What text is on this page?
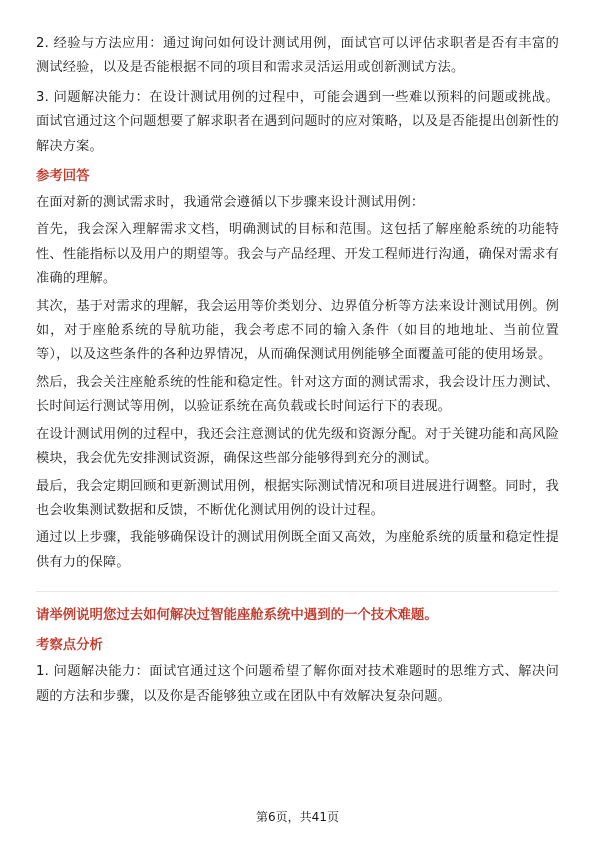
2. 经验与方法应用：通过询问如何设计测试用例，面试官可以评估求职者是否有丰富的测试经验，以及是否能根据不同的项目和需求灵活运用或创新测试方法。

3. 问题解决能力：在设计测试用例的过程中，可能会遇到一些难以预料的问题或挑战。面试官通过这个问题想要了解求职者在遇到问题时的应对策略，以及是否能提出创新性的解决方案。

参考回答

在面对新的测试需求时，我通常会遵循以下步骤来设计测试用例：

首先，我会深入理解需求文档，明确测试的目标和范围。这包括了解座舱系统的功能特性、性能指标以及用户的期望等。我会与产品经理、开发工程师进行沟通，确保对需求有准确的理解。

其次，基于对需求的理解，我会运用等价类划分、边界值分析等方法来设计测试用例。例如，对于座舱系统的导航功能，我会考虑不同的输入条件（如目的地地址、当前位置等），以及这些条件的各种边界情况，从而确保测试用例能够全面覆盖可能的使用场景。

然后，我会关注座舱系统的性能和稳定性。针对这方面的测试需求，我会设计压力测试、长时间运行测试等用例，以验证系统在高负载或长时间运行下的表现。

在设计测试用例的过程中，我还会注意测试的优先级和资源分配。对于关键功能和高风险模块，我会优先安排测试资源，确保这些部分能够得到充分的测试。

最后，我会定期回顾和更新测试用例，根据实际测试情况和项目进展进行调整。同时，我也会收集测试数据和反馈，不断优化测试用例的设计过程。

通过以上步骤，我能够确保设计的测试用例既全面又高效，为座舱系统的质量和稳定性提供有力的保障。

请举例说明您过去如何解决过智能座舱系统中遇到的一个技术难题。
考察点分析

1. 问题解决能力：面试官通过这个问题希望了解你面对技术难题时的思维方式、解决问题的方法和步骤，以及你是否能够独立或在团队中有效解决复杂问题。

第6页，共41页
